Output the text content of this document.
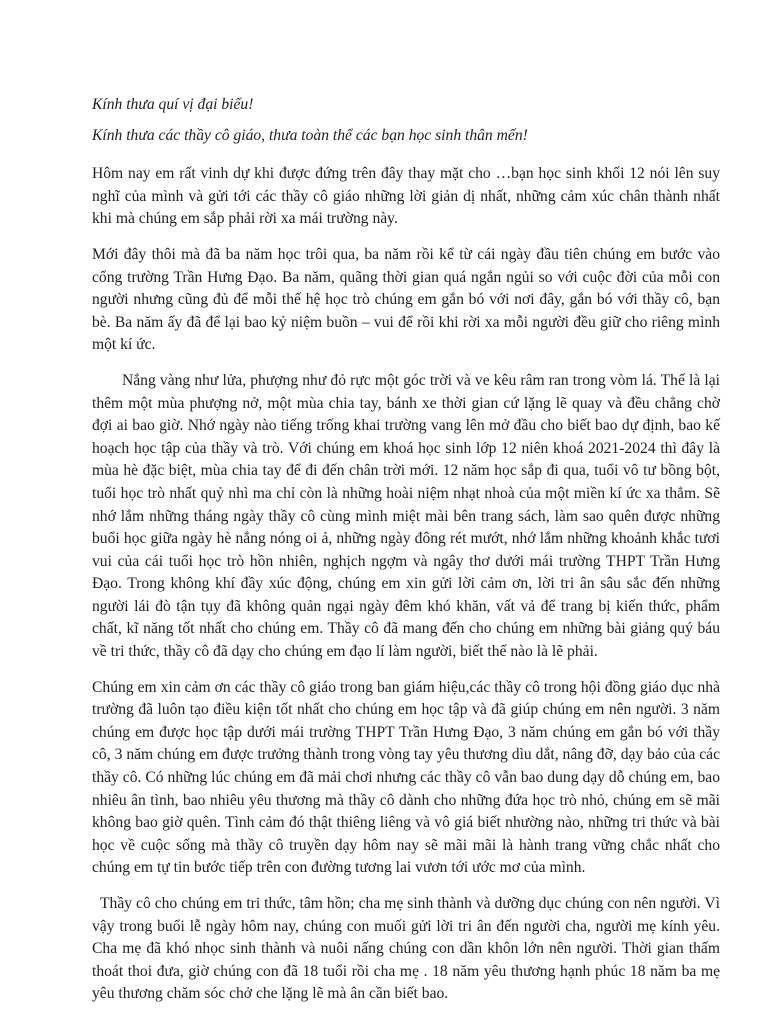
Kính thưa quí vị đại biểu!

Kính thưa các thầy cô giáo, thưa toàn thể các bạn học sinh thân mến!

Hôm nay em rất vinh dự khi được đứng trên đây thay mặt cho …bạn học sinh khối 12 nói lên suy nghĩ của mình và gửi tới các thầy cô giáo những lời giản dị nhất, những cảm xúc chân thành nhất khi mà chúng em sắp phải rời xa mái trường này.

Mới đây thôi mà đã ba năm học trôi qua, ba năm rồi kể từ cái ngày đầu tiên chúng em bước vào cổng trường Trần Hưng Đạo. Ba năm, quãng thời gian quá ngắn ngủi so với cuộc đời của mỗi con người nhưng cũng đủ để mỗi thế hệ học trò chúng em gắn bó với nơi đây, gắn bó với thầy cô, bạn bè. Ba năm ấy đã để lại bao kỷ niệm buồn – vui để rồi khi rời xa mỗi người đều giữ cho riêng mình một kí ức.

Nắng vàng như lửa, phượng như đỏ rực một góc trời và ve kêu râm ran trong vòm lá. Thế là lại thêm một mùa phượng nở, một mùa chia tay, bánh xe thời gian cứ lặng lẽ quay và đều chẳng chờ đợi ai bao giờ. Nhớ ngày nào tiếng trống khai trường vang lên mở đầu cho biết bao dự định, bao kế hoạch học tập của thầy và trò. Với chúng em khoá học sinh lớp 12 niên khoá 2021-2024 thì đây là mùa hè đặc biệt, mùa chia tay để đi đến chân trời mới. 12 năm học sắp đi qua, tuổi vô tư bồng bột, tuổi học trò nhất quỷ nhì ma chỉ còn là những hoài niệm nhạt nhoà của một miền kí ức xa thẳm. Sẽ nhớ lắm những tháng ngày thầy cô cùng mình miệt mài bên trang sách, làm sao quên được những buổi học giữa ngày hè nắng nóng oi ả, những ngày đông rét mướt, nhớ lắm những khoảnh khắc tươi vui của cái tuổi học trò hồn nhiên, nghịch ngợm và ngây thơ dưới mái trường THPT Trần Hưng Đạo. Trong không khí đầy xúc động, chúng em xin gửi lời cảm ơn, lời tri ân sâu sắc đến những người lái đò tận tụy đã không quản ngại ngày đêm khó khăn, vất vả để trang bị kiến thức, phẩm chất, kĩ năng tốt nhất cho chúng em. Thầy cô đã mang đến cho chúng em những bài giảng quý báu về tri thức, thầy cô đã dạy cho chúng em đạo lí làm người, biết thế nào là lẽ phải.

Chúng em xin cảm ơn các thầy cô giáo trong ban giám hiệu,các thầy cô trong hội đồng giáo dục nhà trường đã luôn tạo điều kiện tốt nhất cho chúng em học tập và đã giúp chúng em nên người. 3 năm chúng em được học tập dưới mái trường THPT Trần Hưng Đạo, 3 năm chúng em gắn bó với thầy cô, 3 năm chúng em được trưởng thành trong vòng tay yêu thương dìu dắt, nâng đỡ, dạy bảo của các thầy cô. Có những lúc chúng em đã mải chơi nhưng các thầy cô vẫn bao dung dạy dỗ chúng em, bao nhiêu ân tình, bao nhiêu yêu thương mà thầy cô dành cho những đứa học trò nhỏ, chúng em sẽ mãi không bao giờ quên. Tình cảm đó thật thiêng liêng và vô giá biết nhường nào, những tri thức và bài học về cuộc sống mà thầy cô truyền dạy hôm nay sẽ mãi mãi là hành trang vững chắc nhất cho chúng em tự tin bước tiếp trên con đường tương lai vươn tới ước mơ của mình.

Thầy cô cho chúng em tri thức, tâm hồn; cha mẹ sinh thành và dưỡng dục chúng con nên người. Vì vậy trong buổi lễ ngày hôm nay, chúng con muối gửi lời tri ân đến người cha, người mẹ kính yêu. Cha mẹ đã khó nhọc sinh thành và nuôi nấng chúng con dần khôn lớn nên người. Thời gian thấm thoát thoi đưa, giờ chúng con đã 18 tuổi rồi cha mẹ . 18 năm yêu thương hạnh phúc 18 năm ba mẹ yêu thương chăm sóc chở che lặng lẽ mà ân cần biết bao.
